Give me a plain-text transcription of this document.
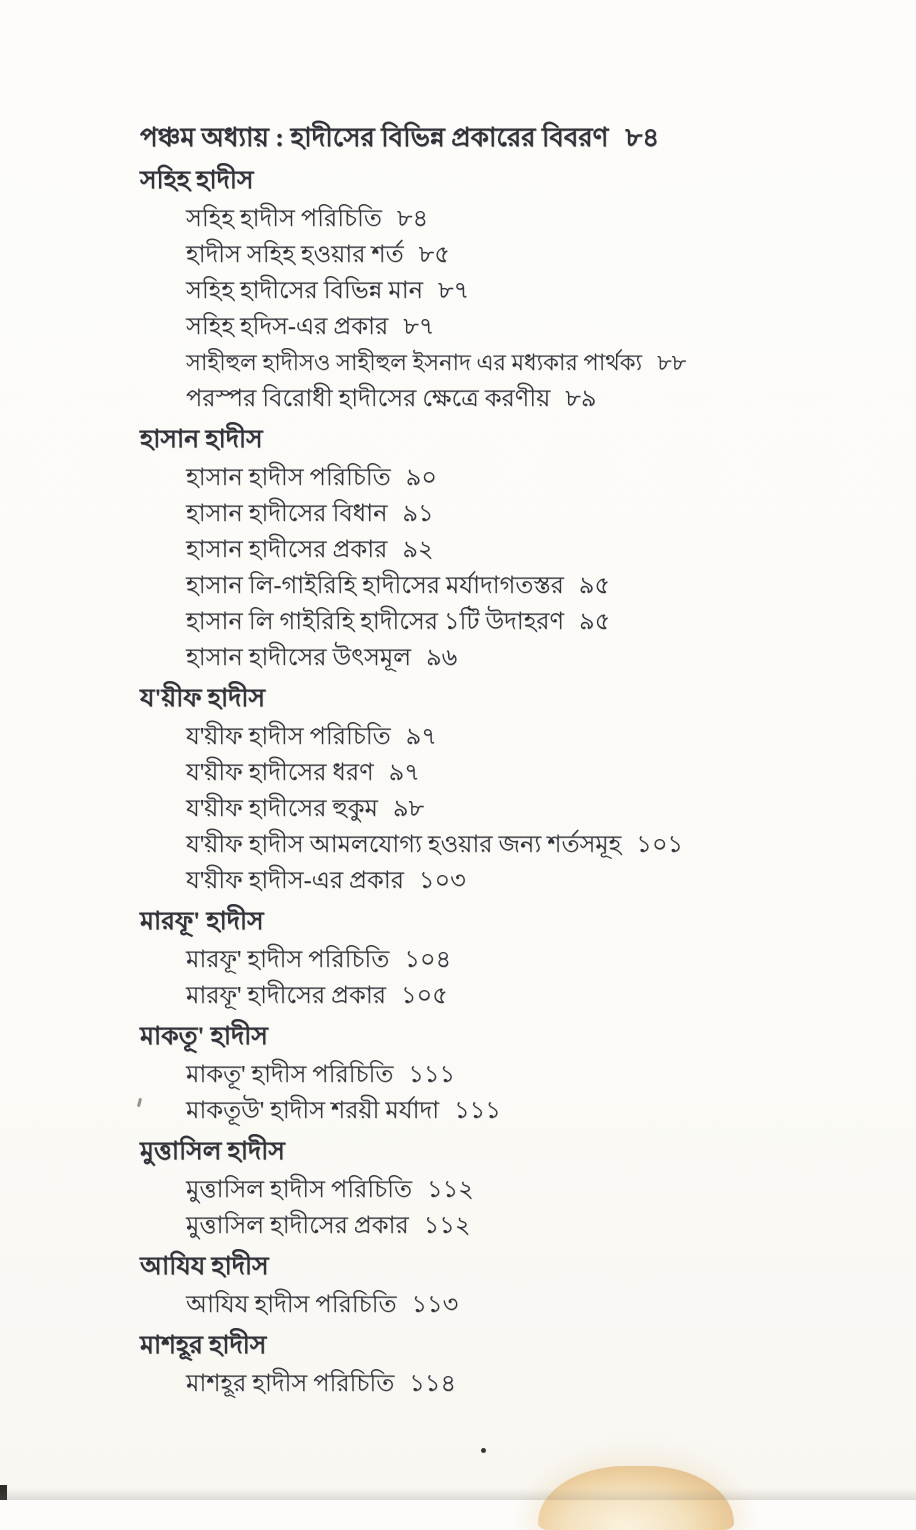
পঞ্চম অধ্যায় : হাদীসের বিভিন্ন প্রকারের বিবরণ ৮৪
সহিহ হাদীস
সহিহ হাদীস পরিচিতি ৮৪
হাদীস সহিহ হওয়ার শর্ত ৮৫
সহিহ হাদীসের বিভিন্ন মান ৮৭
সহিহ হদিস-এর প্রকার ৮৭
সাহীহুল হাদীসও সাহীহুল ইসনাদ এর মধ্যকার পার্থক্য ৮৮
পরস্পর বিরোধী হাদীসের ক্ষেত্রে করণীয় ৮৯
হাসান হাদীস
হাসান হাদীস পরিচিতি ৯০
হাসান হাদীসের বিধান ৯১
হাসান হাদীসের প্রকার ৯২
হাসান লি-গাইরিহি হাদীসের মর্যাদাগতস্তর ৯৫
হাসান লি গাইরিহি হাদীসের ১টি উদাহরণ ৯৫
হাসান হাদীসের উৎসমূল ৯৬
য'য়ীফ হাদীস
য'য়ীফ হাদীস পরিচিতি ৯৭
য'য়ীফ হাদীসের ধরণ ৯৭
য'য়ীফ হাদীসের হুকুম ৯৮
য'য়ীফ হাদীস আমলযোগ্য হওয়ার জন্য শর্তসমূহ ১০১
য'য়ীফ হাদীস-এর প্রকার ১০৩
মারফূ' হাদীস
মারফূ' হাদীস পরিচিতি ১০৪
মারফূ' হাদীসের প্রকার ১০৫
মাকতূ' হাদীস
মাকতূ' হাদীস পরিচিতি ১১১
মাকতূউ' হাদীস শরয়ী মর্যাদা ১১১
মুত্তাসিল হাদীস
মুত্তাসিল হাদীস পরিচিতি ১১২
মুত্তাসিল হাদীসের প্রকার ১১২
আযিয হাদীস
আযিয হাদীস পরিচিতি ১১৩
মাশহূর হাদীস
মাশহূর হাদীস পরিচিতি ১১৪
